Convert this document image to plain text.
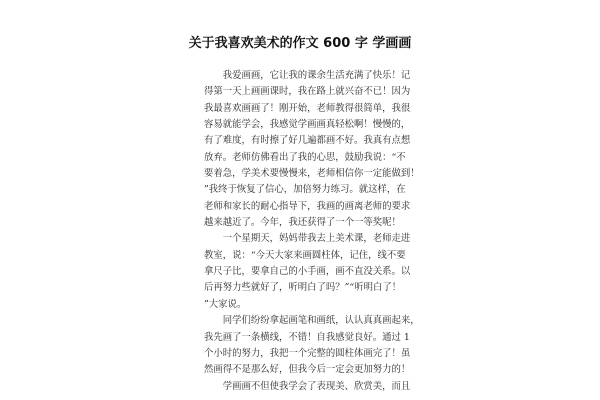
关于我喜欢美术的作文 600 字 学画画
　　我爱画画，它让我的课余生活充满了快乐！记
得第一天上画画课时，我在路上就兴奋不已！因为
我最喜欢画画了！刚开始，老师教得很简单，我很
容易就能学会，我感觉学画画真轻松啊！慢慢的，
有了难度，有时擦了好几遍都画不好。我真有点想
放弃。老师仿佛看出了我的心思，鼓励我说：“不
要着急，学美术要慢慢来，老师相信你一定能做到！
”我终于恢复了信心，加倍努力练习。就这样，在
老师和家长的耐心指导下，我画的画离老师的要求
越来越近了。今年，我还获得了一个一等奖呢！
　　一个星期天，妈妈带我去上美术课，老师走进
教室，说：“今天大家来画圆柱体，记住，线不要
拿尺子比，要拿自己的小手画，画不直没关系。以
后再努力些就好了，听明白了吗？”“听明白了！
”大家说。
　　同学们纷纷拿起画笔和画纸，认认真真画起来，
我先画了一条横线，不错！自我感觉良好。通过 1
个小时的努力，我把一个完整的圆柱体画完了！虽
然画得不是那么好，但我今后一定会更加努力的！
　　学画画不但使我学会了表现美、欣赏美，而且
